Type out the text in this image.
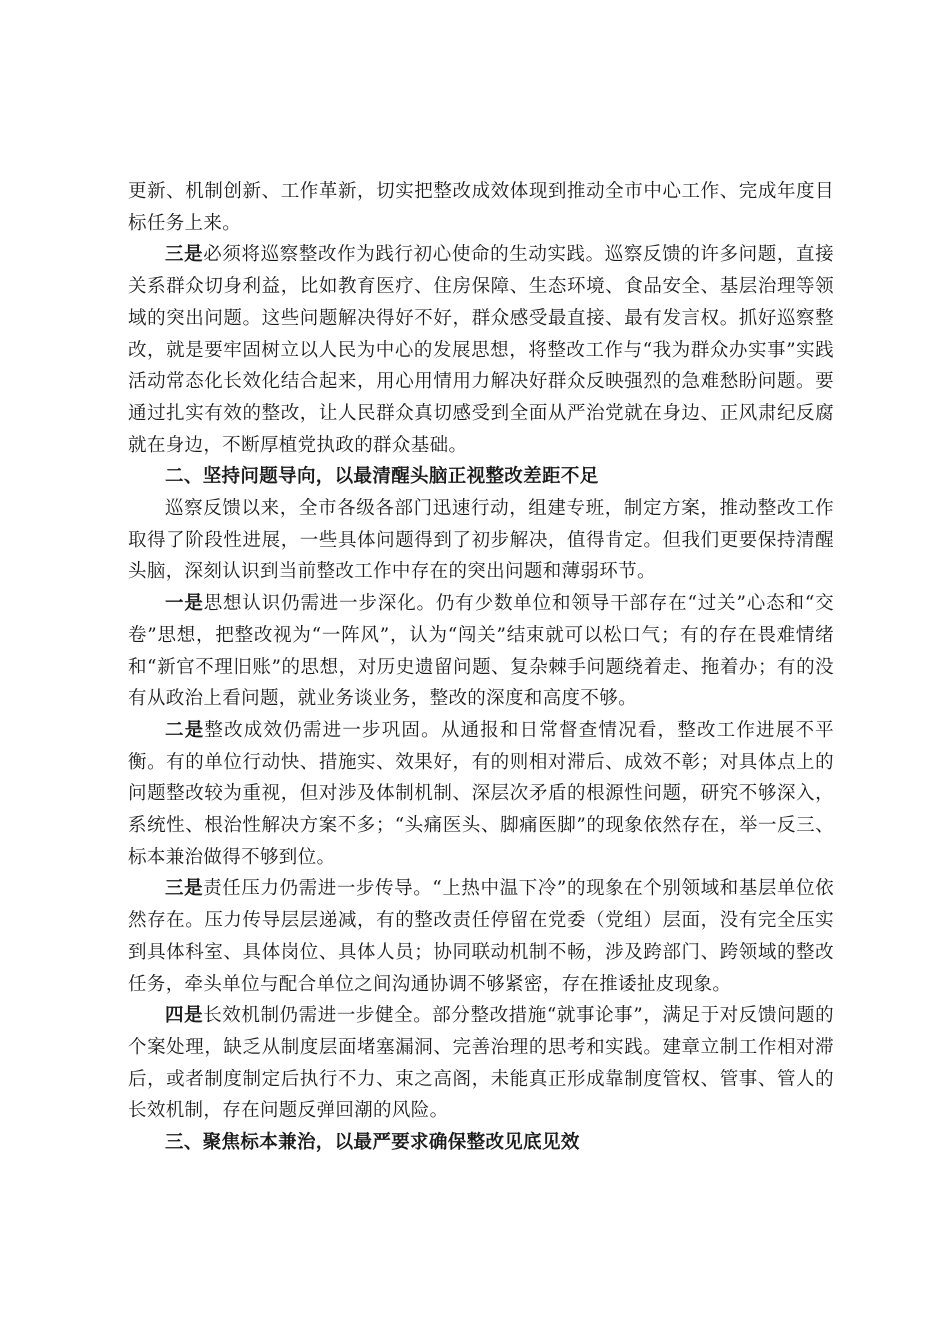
更新、机制创新、工作革新，切实把整改成效体现到推动全市中心工作、完成年度目标任务上来。

三是必须将巡察整改作为践行初心使命的生动实践。巡察反馈的许多问题，直接关系群众切身利益，比如教育医疗、住房保障、生态环境、食品安全、基层治理等领域的突出问题。这些问题解决得好不好，群众感受最直接、最有发言权。抓好巡察整改，就是要牢固树立以人民为中心的发展思想，将整改工作与“我为群众办实事”实践活动常态化长效化结合起来，用心用情用力解决好群众反映强烈的急难愁盼问题。要通过扎实有效的整改，让人民群众真切感受到全面从严治党就在身边、正风肃纪反腐就在身边，不断厚植党执政的群众基础。

二、坚持问题导向，以最清醒头脑正视整改差距不足

巡察反馈以来，全市各级各部门迅速行动，组建专班，制定方案，推动整改工作取得了阶段性进展，一些具体问题得到了初步解决，值得肯定。但我们更要保持清醒头脑，深刻认识到当前整改工作中存在的突出问题和薄弱环节。

一是思想认识仍需进一步深化。仍有少数单位和领导干部存在“过关”心态和“交卷”思想，把整改视为“一阵风”，认为“闯关”结束就可以松口气；有的存在畏难情绪和“新官不理旧账”的思想，对历史遗留问题、复杂棘手问题绕着走、拖着办；有的没有从政治上看问题，就业务谈业务，整改的深度和高度不够。

二是整改成效仍需进一步巩固。从通报和日常督查情况看，整改工作进展不平衡。有的单位行动快、措施实、效果好，有的则相对滞后、成效不彰；对具体点上的问题整改较为重视，但对涉及体制机制、深层次矛盾的根源性问题，研究不够深入，系统性、根治性解决方案不多；“头痛医头、脚痛医脚”的现象依然存在，举一反三、标本兼治做得不够到位。

三是责任压力仍需进一步传导。“上热中温下冷”的现象在个别领域和基层单位依然存在。压力传导层层递减，有的整改责任停留在党委（党组）层面，没有完全压实到具体科室、具体岗位、具体人员；协同联动机制不畅，涉及跨部门、跨领域的整改任务，牵头单位与配合单位之间沟通协调不够紧密，存在推诿扯皮现象。

四是长效机制仍需进一步健全。部分整改措施“就事论事”，满足于对反馈问题的个案处理，缺乏从制度层面堵塞漏洞、完善治理的思考和实践。建章立制工作相对滞后，或者制度制定后执行不力、束之高阁，未能真正形成靠制度管权、管事、管人的长效机制，存在问题反弹回潮的风险。

三、聚焦标本兼治，以最严要求确保整改见底见效
